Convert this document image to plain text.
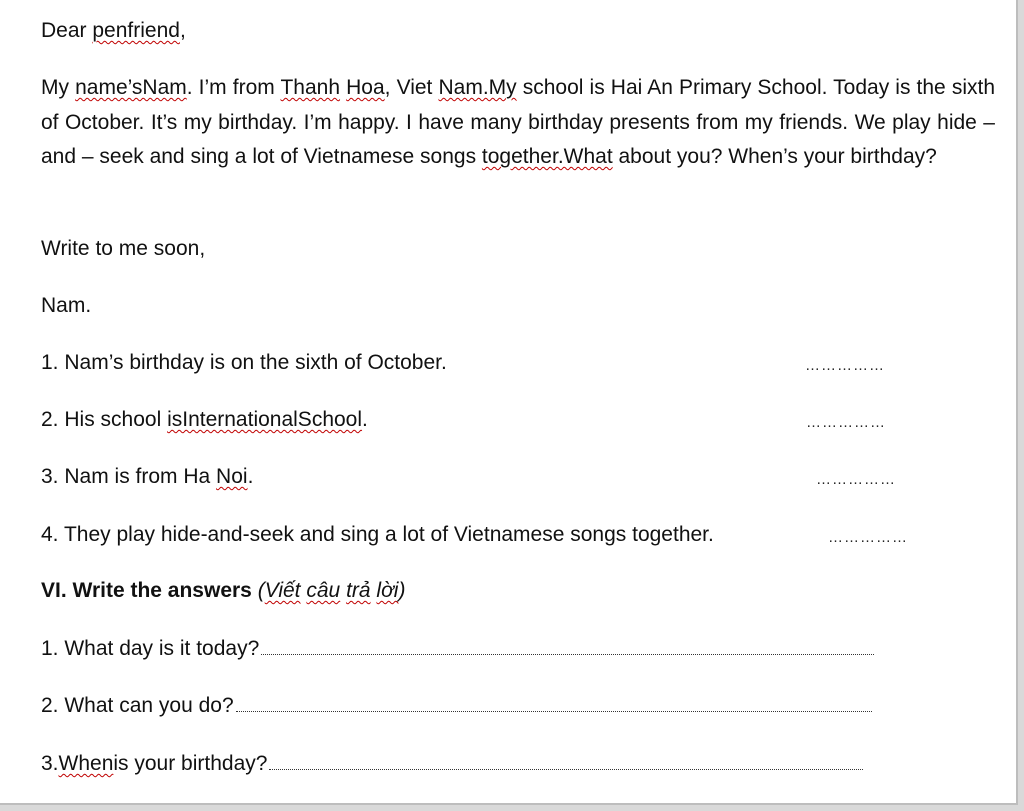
Dear penfriend,
My name’sNam. I’m from Thanh Hoa, Viet Nam.My school is Hai An Primary School. Today is the sixth of October. It’s my birthday. I’m happy. I have many birthday presents from my friends. We play hide – and – seek and sing a lot of Vietnamese songs together.What about you? When’s your birthday?
Write to me soon,
Nam.
1. Nam’s birthday is on the sixth of October.	……………
2. His school isInternationalSchool.	……………
3. Nam is from Ha Noi.	……………
4. They play hide-and-seek and sing a lot of Vietnamese songs together.	……………
VI. Write the answers (Viết câu trả lời)
1. What day is it today?
2. What can you do?
3. When is your birthday?
